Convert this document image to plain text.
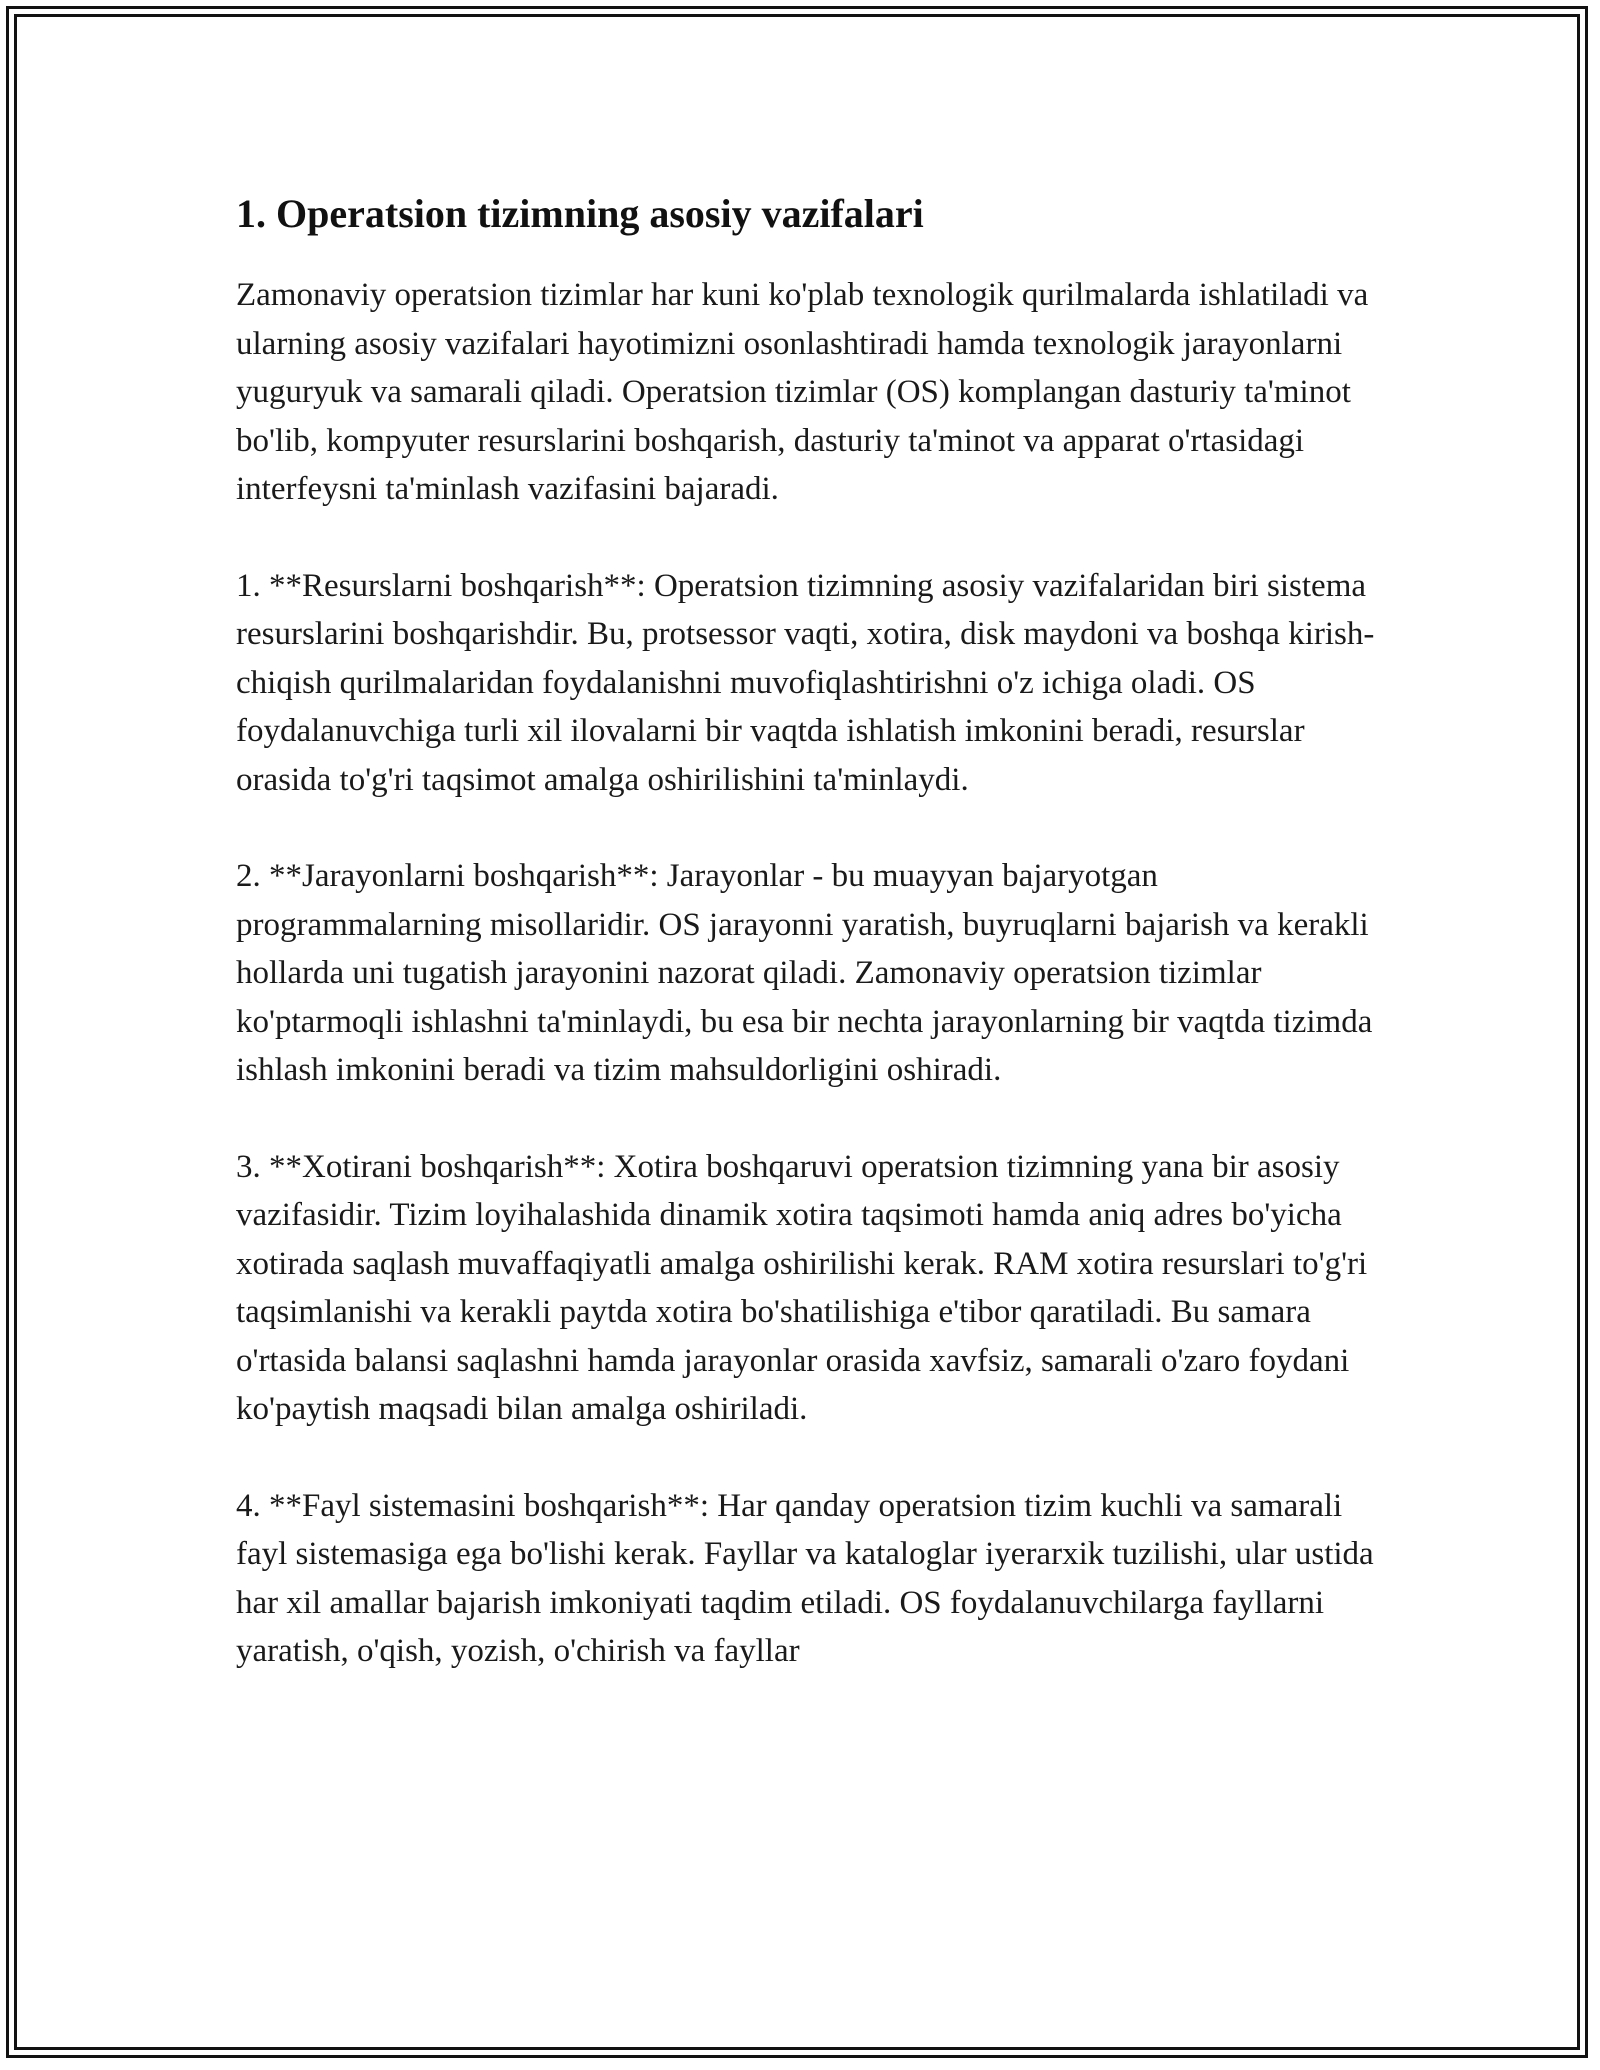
1. Operatsion tizimning asosiy vazifalari

Zamonaviy operatsion tizimlar har kuni ko'plab texnologik qurilmalarda ishlatiladi va ularning asosiy vazifalari hayotimizni osonlashtiradi hamda texnologik jarayonlarni yuguryuk va samarali qiladi. Operatsion tizimlar (OS) komplangan dasturiy ta'minot bo'lib, kompyuter resurslarini boshqarish, dasturiy ta'minot va apparat o'rtasidagi interfeysni ta'minlash vazifasini bajaradi.

1. **Resurslarni boshqarish**: Operatsion tizimning asosiy vazifalaridan biri sistema resurslarini boshqarishdir. Bu, protsessor vaqti, xotira, disk maydoni va boshqa kirish-chiqish qurilmalaridan foydalanishni muvofiqlashtirishni o'z ichiga oladi. OS foydalanuvchiga turli xil ilovalarni bir vaqtda ishlatish imkonini beradi, resurslar orasida to'g'ri taqsimot amalga oshirilishini ta'minlaydi.

2. **Jarayonlarni boshqarish**: Jarayonlar - bu muayyan bajaryotgan programmalarning misollaridir. OS jarayonni yaratish, buyruqlarni bajarish va kerakli hollarda uni tugatish jarayonini nazorat qiladi. Zamonaviy operatsion tizimlar ko'ptarmoqli ishlashni ta'minlaydi, bu esa bir nechta jarayonlarning bir vaqtda tizimda ishlash imkonini beradi va tizim mahsuldorligini oshiradi.

3. **Xotirani boshqarish**: Xotira boshqaruvi operatsion tizimning yana bir asosiy vazifasidir. Tizim loyihalashida dinamik xotira taqsimoti hamda aniq adres bo'yicha xotirada saqlash muvaffaqiyatli amalga oshirilishi kerak. RAM xotira resurslari to'g'ri taqsimlanishi va kerakli paytda xotira bo'shatilishiga e'tibor qaratiladi. Bu samara o'rtasida balansi saqlashni hamda jarayonlar orasida xavfsiz, samarali o'zaro foydani ko'paytish maqsadi bilan amalga oshiriladi.

4. **Fayl sistemasini boshqarish**: Har qanday operatsion tizim kuchli va samarali fayl sistemasiga ega bo'lishi kerak. Fayllar va kataloglar iyerarxik tuzilishi, ular ustida har xil amallar bajarish imkoniyati taqdim etiladi. OS foydalanuvchilarga fayllarni yaratish, o'qish, yozish, o'chirish va fayllar
